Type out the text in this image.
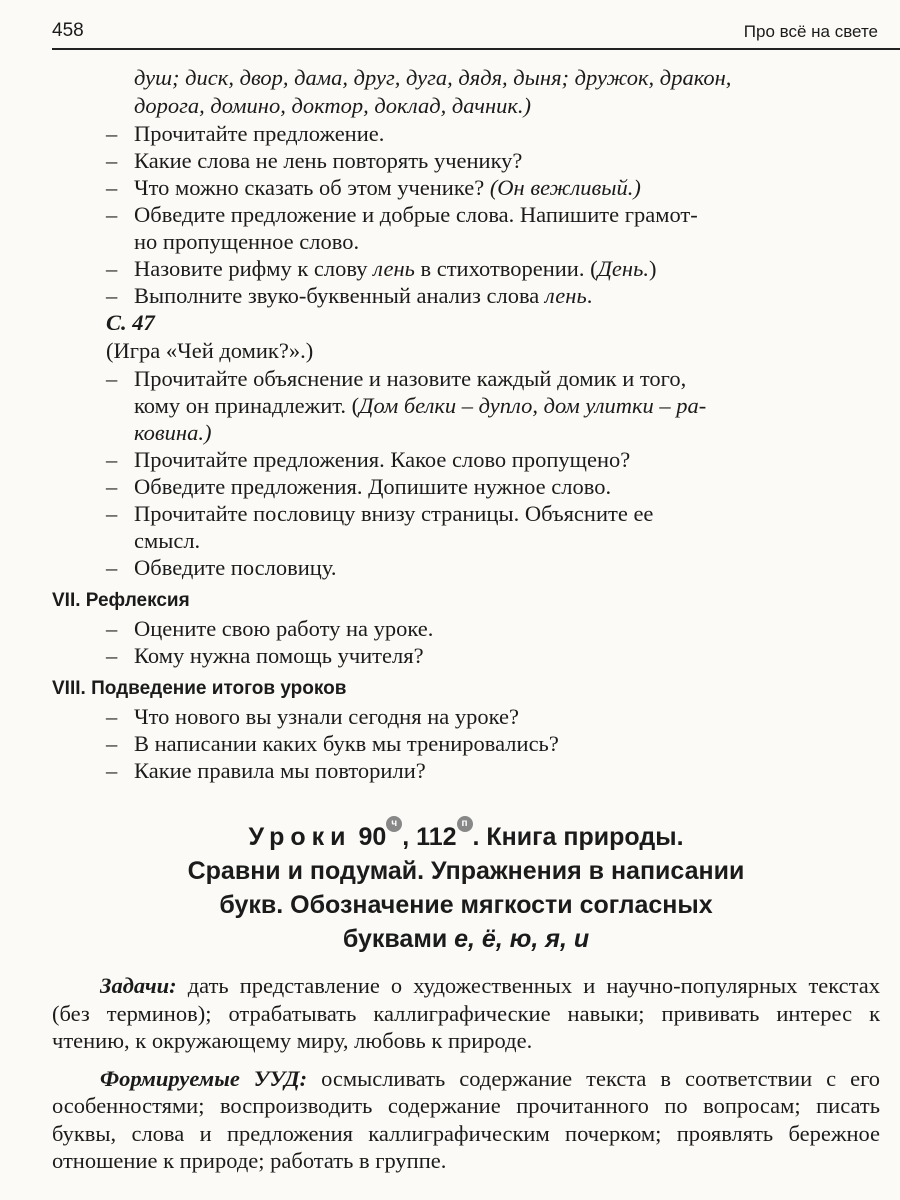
458	Про всё на свете
душ; диск, двор, дама, друг, дуга, дядя, дыня; дружок, дракон,
дорога, домино, доктор, доклад, дачник.)
– Прочитайте предложение.
– Какие слова не лень повторять ученику?
– Что можно сказать об этом ученике? (Он вежливый.)
– Обведите предложение и добрые слова. Напишите грамот-
но пропущенное слово.
– Назовите рифму к слову лень в стихотворении. (День.)
– Выполните звуко-буквенный анализ слова лень.
С. 47
(Игра «Чей домик?».)
– Прочитайте объяснение и назовите каждый домик и того,
кому он принадлежит. (Дом белки – дупло, дом улитки – ра-
ковина.)
– Прочитайте предложения. Какое слово пропущено?
– Обведите предложения. Допишите нужное слово.
– Прочитайте пословицу внизу страницы. Объясните ее
смысл.
– Обведите пословицу.
VII. Рефлексия
– Оцените свою работу на уроке.
– Кому нужна помощь учителя?
VIII. Подведение итогов уроков
– Что нового вы узнали сегодня на уроке?
– В написании каких букв мы тренировались?
– Какие правила мы повторили?
Уроки 90 ч , 112 п . Книга природы.
Сравни и подумай. Упражнения в написании
букв. Обозначение мягкости согласных
буквами е, ё, ю, я, и

Задачи: дать представление о художественных и научно-популярных текстах (без терминов); отрабатывать каллиграфические навыки; прививать интерес к чтению, к окружающему миру, любовь к природе.

Формируемые УУД: осмысливать содержание текста в соответствии с его особенностями; воспроизводить содержание прочитанного по вопросам; писать буквы, слова и предложения каллиграфическим почерком; проявлять бережное отношение к природе; работать в группе.
